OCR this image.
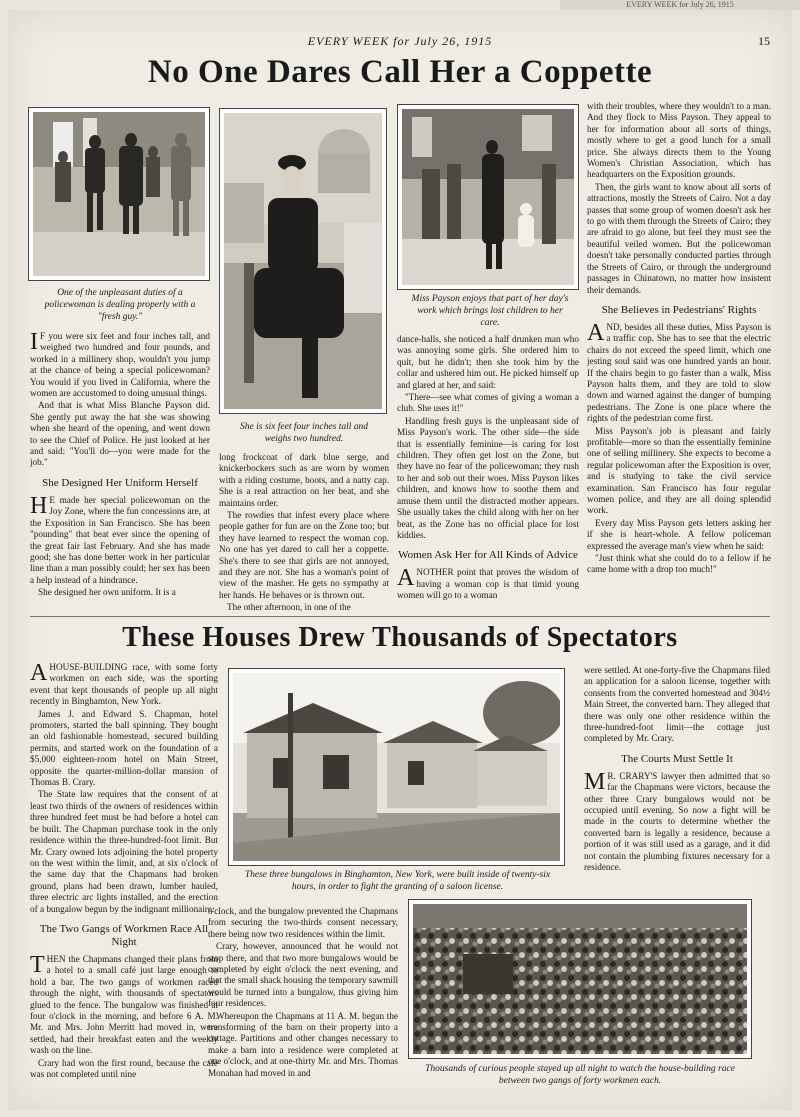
EVERY WEEK for July 26, 1915
EVERY WEEK for July 26, 1915	15
No One Dares Call Her a Coppette
One of the unpleasant duties of a policewoman is dealing properly with a "fresh guy."
She is six feet four inches tall and weighs two hundred.
Miss Payson enjoys that part of her day's work which brings lost children to her care.

I F you were six feet and four inches tall, and weighed two hundred and four pounds, and worked in a millinery shop, wouldn't you jump at the chance of being a special policewoman? You would if you lived in California, where the women are accustomed to doing unusual things.

And that is what Miss Blanche Payson did. She gently put away the hat she was showing when she heard of the opening, and went down to see the Chief of Police. He just looked at her and said: "You'll do—you were made for the job."

She Designed Her Uniform Herself

H E made her special policewoman on the Joy Zone, where the fun concessions are, at the Exposition in San Francisco. She has been "pounding" that beat ever since the opening of the great fair last February. And she has made good; she has done better work in her particular line than a man possibly could; her sex has been a help instead of a hindrance.

She designed her own uniform. It is a

long frockcoat of dark blue serge, and knickerbockers such as are worn by women with a riding costume, boots, and a natty cap. She is a real attraction on her beat, and she maintains order.

The rowdies that infest every place where people gather for fun are on the Zone too; but they have learned to respect the woman cop. No one has yet dared to call her a coppette. She's there to see that girls are not annoyed, and they are not. She has a woman's point of view of the masher. He gets no sympathy at her hands. He behaves or is thrown out.

The other afternoon, in one of the

dance-halls, she noticed a half drunken man who was annoying some girls. She ordered him to quit, but he didn't; then she took him by the collar and ushered him out. He picked himself up and glared at her, and said:

"There—see what comes of giving a woman a club. She uses it!"

Handling fresh guys is the unpleasant side of Miss Payson's work. The other side—the side that is essentially feminine—is caring for lost children. They often get lost on the Zone, but they have no fear of the policewoman; they rush to her and sob out their woes. Miss Payson likes children, and knows how to soothe them and amuse them until the distracted mother appears. She usually takes the child along with her on her beat, as the Zone has no official place for lost kiddies.

Women Ask Her for All Kinds of Advice

ANOTHER point that proves the wisdom of having a woman cop is that timid young women will go to a woman

with their troubles, where they wouldn't to a man. And they flock to Miss Payson. They appeal to her for information about all sorts of things, mostly where to get a good lunch for a small price. She always directs them to the Young Women's Christian Association, which has headquarters on the Exposition grounds.

Then, the girls want to know about all sorts of attractions, mostly the Streets of Cairo. Not a day passes that some group of women doesn't ask her to go with them through the Streets of Cairo; they are afraid to go alone, but feel they must see the beautiful veiled women. But the policewoman doesn't take personally conducted parties through the Streets of Cairo, or through the underground passages in Chinatown, no matter how insistent their demands.

She Believes in Pedestrians' Rights

AND, besides all these duties, Miss Payson is a traffic cop. She has to see that the electric chairs do not exceed the speed limit, which one jesting soul said was one hundred yards an hour. If the chairs begin to go faster than a walk, Miss Payson halts them, and they are told to slow down and warned against the danger of bumping pedestrians. The Zone is one place where the rights of the pedestrian come first.

Miss Payson's job is pleasant and fairly profitable—more so than the essentially feminine one of selling millinery. She expects to become a regular policewoman after the Exposition is over, and is studying to take the civil service examination. San Francisco has four regular women police, and they are all doing splendid work.

Every day Miss Payson gets letters asking her if she is heart-whole. A fellow policeman expressed the average man's view when he said:

"Just think what she could do to a fellow if he came home with a drop too much!"

These Houses Drew Thousands of Spectators
These three bungalows in Binghamton, New York, were built inside of twenty-six hours, in order to fight the granting of a saloon license.
Thousands of curious people stayed up all night to watch the house-building race between two gangs of forty workmen each.

AHOUSE-BUILDING race, with some forty workmen on each side, was the sporting event that kept thousands of people up all night recently in Binghamton, New York.

James J. and Edward S. Chapman, hotel promoters, started the ball spinning. They bought an old fashionable homestead, secured building permits, and started work on the foundation of a $5,000 eighteen-room hotel on Main Street, opposite the quarter-million-dollar mansion of Thomas B. Crary.

The State law requires that the consent of at least two thirds of the owners of residences within three hundred feet must be had before a hotel can be built. The Chapman purchase took in the only residence within the three-hundred-foot limit. But Mr. Crary owned lots adjoining the hotel property on the west within the limit, and, at six o'clock of the same day that the Chapmans had broken ground, plans had been drawn, lumber hauled, three electric arc lights installed, and the erection of a bungalow begun by the indignant millionaire.

The Two Gangs of Workmen Race All Night

THEN the Chapmans changed their plans from a hotel to a small café just large enough to hold a bar. The two gangs of workmen raced through the night, with thousands of spectators glued to the fence. The bungalow was finished at four o'clock in the morning, and before 6 A. M. Mr. and Mrs. John Merritt had moved in, were settled, had their breakfast eaten and the weekly wash on the line.

Crary had won the first round, because the café was not completed until nine

o'clock, and the bungalow prevented the Chapmans from securing the two-thirds consent necessary, there being now two residences within the limit.

Crary, however, announced that he would not stop there, and that two more bungalows would be completed by eight o'clock the next evening, and that the small shack housing the temporary sawmill would be turned into a bungalow, thus giving him four residences.

Whereupon the Chapmans at 11 A. M. began the transforming of the barn on their property into a cottage. Partitions and other changes necessary to make a barn into a residence were completed at one o'clock, and at one-thirty Mr. and Mrs. Thomas Monahan had moved in and

were settled. At one-forty-five the Chapmans filed an application for a saloon license, together with consents from the converted homestead and 304½ Main Street, the converted barn. They alleged that there was only one other residence within the three-hundred-foot limit—the cottage just completed by Mr. Crary.

The Courts Must Settle It

M R. CRARY'S lawyer then admitted that so far the Chapmans were victors, because the other three Crary bungalows would not be occupied until evening. So now a fight will be made in the courts to determine whether the converted barn is legally a residence, because a portion of it was still used as a garage, and it did not contain the plumbing fixtures necessary for a residence.
